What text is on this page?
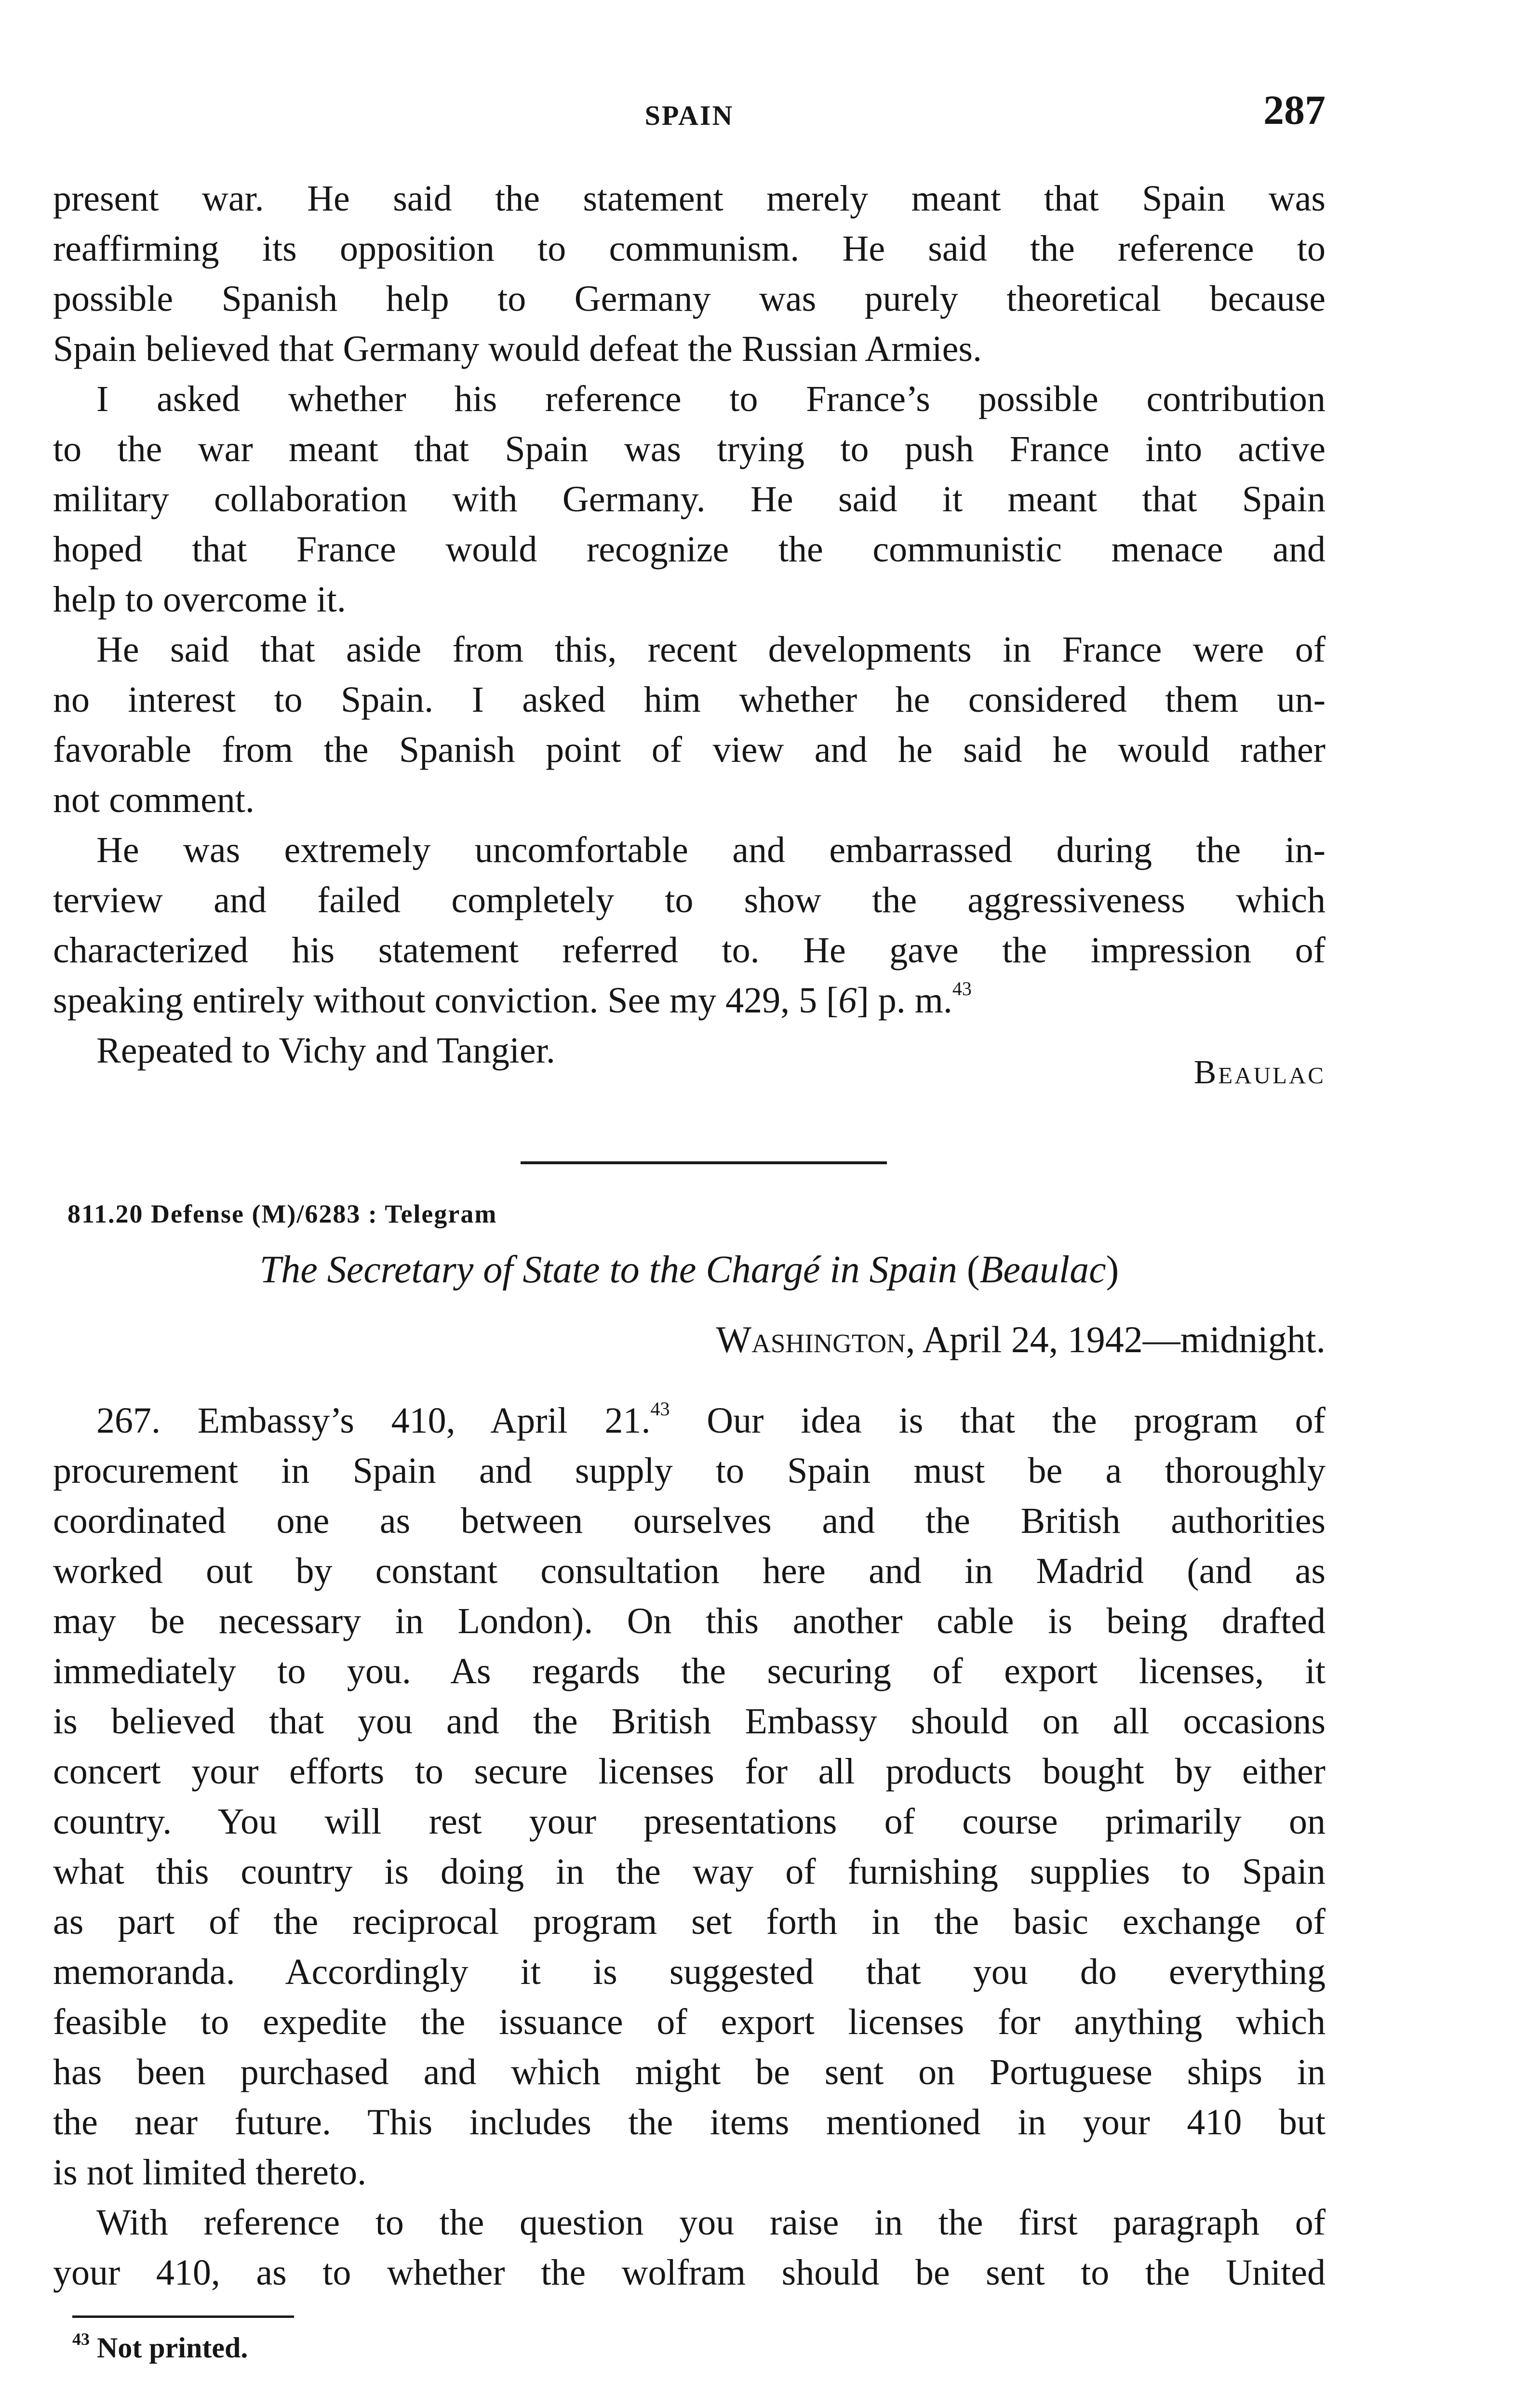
SPAIN	287
present war. He said the statement merely meant that Spain was
reaffirming its opposition to communism. He said the reference to
possible Spanish help to Germany was purely theoretical because
Spain believed that Germany would defeat the Russian Armies.
I asked whether his reference to France’s possible contribution
to the war meant that Spain was trying to push France into active
military collaboration with Germany. He said it meant that Spain
hoped that France would recognize the communistic menace and
help to overcome it.
He said that aside from this, recent developments in France were of
no interest to Spain. I asked him whether he considered them un-
favorable from the Spanish point of view and he said he would rather
not comment.
He was extremely uncomfortable and embarrassed during the in-
terview and failed completely to show the aggressiveness which
characterized his statement referred to. He gave the impression of
speaking entirely without conviction. See my 429, 5 [6] p. m.$^{43}$
Repeated to Vichy and Tangier.
Beaulac
811.20 Defense (M)/6283 : Telegram
The Secretary of State to the Chargé in Spain (Beaulac)
Washington, April 24, 1942—midnight.
267. Embassy’s 410, April 21.43 Our idea is that the program of
procurement in Spain and supply to Spain must be a thoroughly
coordinated one as between ourselves and the British authorities
worked out by constant consultation here and in Madrid (and as
may be necessary in London). On this another cable is being drafted
immediately to you. As regards the securing of export licenses, it
is believed that you and the British Embassy should on all occasions
concert your efforts to secure licenses for all products bought by either
country. You will rest your presentations of course primarily on
what this country is doing in the way of furnishing supplies to Spain
as part of the reciprocal program set forth in the basic exchange of
memoranda. Accordingly it is suggested that you do everything
feasible to expedite the issuance of export licenses for anything which
has been purchased and which might be sent on Portuguese ships in
the near future. This includes the items mentioned in your 410 but
is not limited thereto.
With reference to the question you raise in the first paragraph of
your 410, as to whether the wolfram should be sent to the United
$^{43}$ Not printed.
